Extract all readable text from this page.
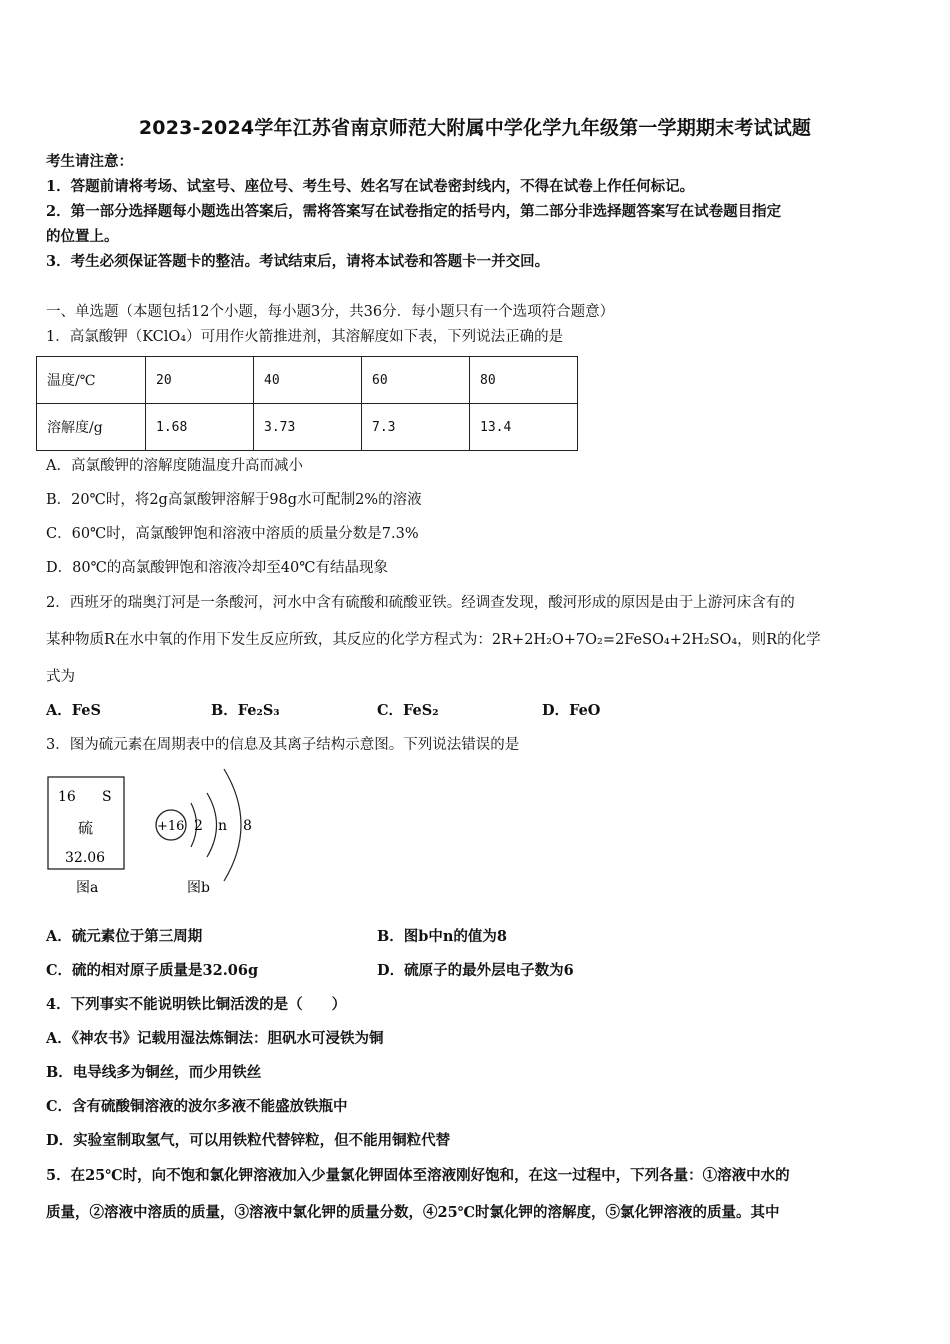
2023-2024学年江苏省南京师范大附属中学化学九年级第一学期期末考试试题
考生请注意：
1．答题前请将考场、试室号、座位号、考生号、姓名写在试卷密封线内，不得在试卷上作任何标记。
2．第一部分选择题每小题选出答案后，需将答案写在试卷指定的括号内，第二部分非选择题答案写在试卷题目指定
的位置上。
3．考生必须保证答题卡的整洁。考试结束后，请将本试卷和答题卡一并交回。
一、单选题（本题包括12个小题，每小题3分，共36分．每小题只有一个选项符合题意）
1．高氯酸钾（KClO₄）可用作火箭推进剂，其溶解度如下表，下列说法正确的是
温度/℃	20	40	60	80
溶解度/g	1.68	3.73	7.3	13.4
A．高氯酸钾的溶解度随温度升高而减小
B．20℃时，将2g高氯酸钾溶解于98g水可配制2%的溶液
C．60℃时，高氯酸钾饱和溶液中溶质的质量分数是7.3%
D．80℃的高氯酸钾饱和溶液冷却至40℃有结晶现象
2．西班牙的瑞奥汀河是一条酸河，河水中含有硫酸和硫酸亚铁。经调查发现，酸河形成的原因是由于上游河床含有的
某种物质R在水中氧的作用下发生反应所致，其反应的化学方程式为：2R+2H₂O+7O₂=2FeSO₄+2H₂SO₄，则R的化学
式为
A．FeS	B．Fe₂S₃	C．FeS₂	D．FeO
3．图为硫元素在周期表中的信息及其离子结构示意图。下列说法错误的是
16 S
硫
32.06
图a
+16 2 n 8
图b
A．硫元素位于第三周期	B．图b中n的值为8
C．硫的相对原子质量是32.06g	D．硫原子的最外层电子数为6
4．下列事实不能说明铁比铜活泼的是（　　）
A．《神农书》记载用湿法炼铜法：胆矾水可浸铁为铜
B．电导线多为铜丝，而少用铁丝
C．含有硫酸铜溶液的波尔多液不能盛放铁瓶中
D．实验室制取氢气，可以用铁粒代替锌粒，但不能用铜粒代替
5．在25℃时，向不饱和氯化钾溶液加入少量氯化钾固体至溶液刚好饱和，在这一过程中，下列各量：①溶液中水的
质量，②溶液中溶质的质量，③溶液中氯化钾的质量分数，④25℃时氯化钾的溶解度，⑤氯化钾溶液的质量。其中
